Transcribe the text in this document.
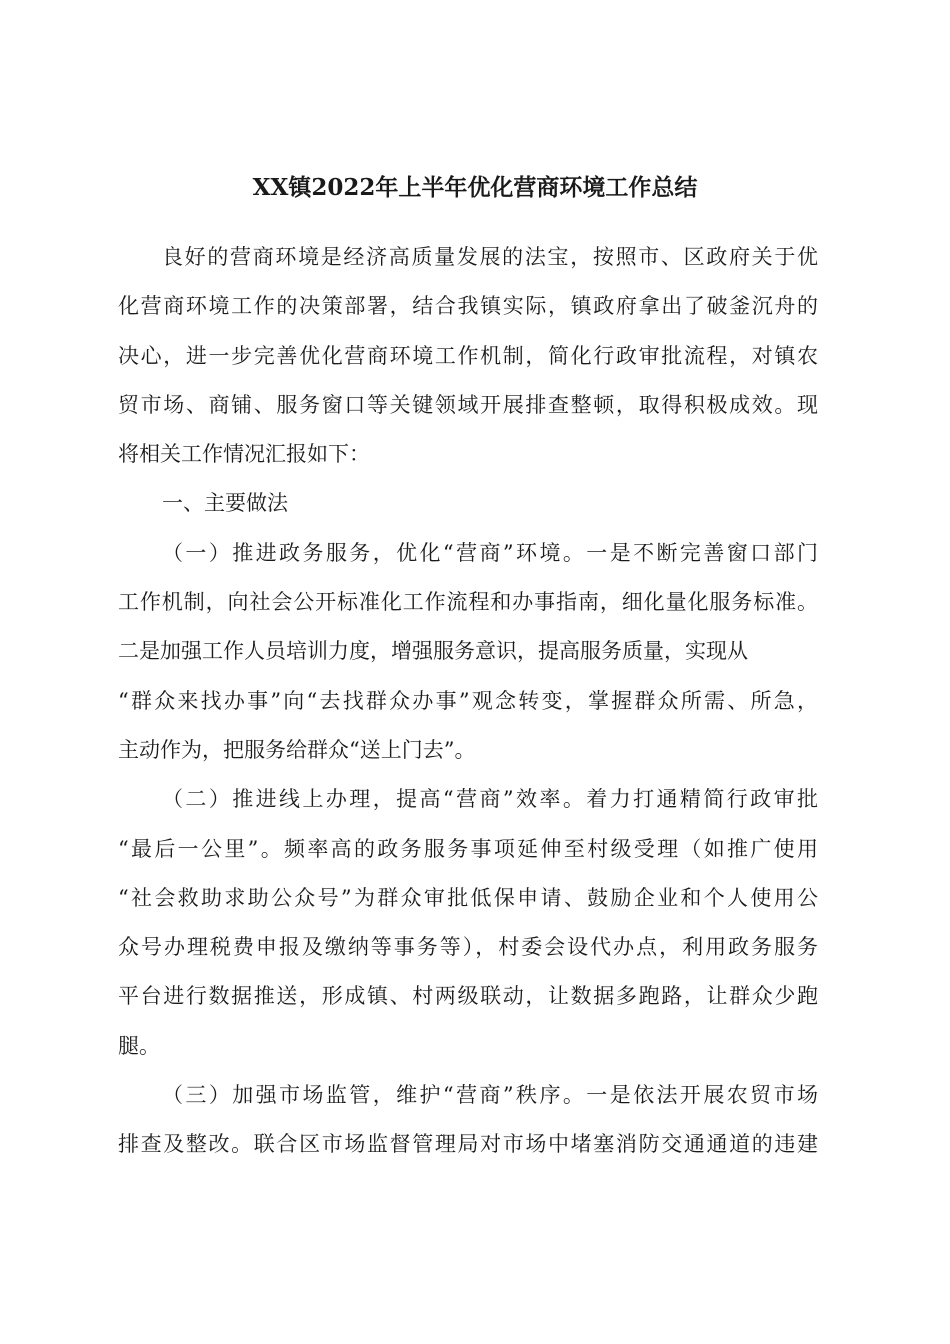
XX镇2022年上半年优化营商环境工作总结
良好的营商环境是经济高质量发展的法宝，按照市、区政府关于优
化营商环境工作的决策部署，结合我镇实际，镇政府拿出了破釜沉舟的
决心，进一步完善优化营商环境工作机制，简化行政审批流程，对镇农
贸市场、商铺、服务窗口等关键领域开展排查整顿，取得积极成效。现
将相关工作情况汇报如下：
一、主要做法
（一）推进政务服务，优化“营商”环境。一是不断完善窗口部门
工作机制，向社会公开标准化工作流程和办事指南，细化量化服务标准。
二是加强工作人员培训力度，增强服务意识，提高服务质量，实现从
“群众来找办事”向“去找群众办事”观念转变，掌握群众所需、所急，
主动作为，把服务给群众“送上门去”。
（二）推进线上办理，提高“营商”效率。着力打通精简行政审批
“最后一公里”。频率高的政务服务事项延伸至村级受理（如推广使用
“社会救助求助公众号”为群众审批低保申请、鼓励企业和个人使用公
众号办理税费申报及缴纳等事务等），村委会设代办点，利用政务服务
平台进行数据推送，形成镇、村两级联动，让数据多跑路，让群众少跑
腿。
（三）加强市场监管，维护“营商”秩序。一是依法开展农贸市场
排查及整改。联合区市场监督管理局对市场中堵塞消防交通通道的违建
